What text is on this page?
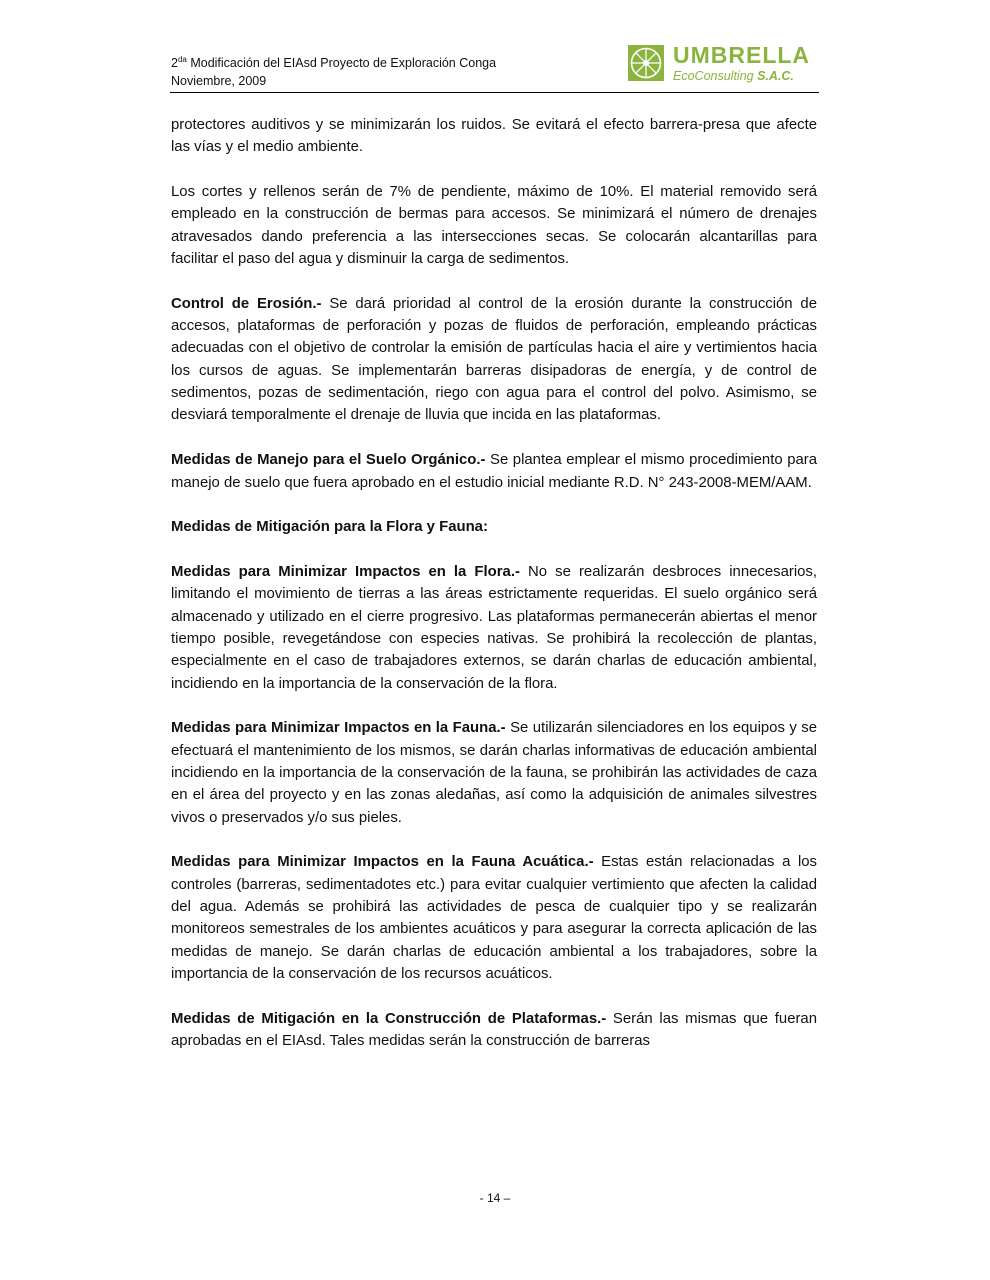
$2^{da}$ Modificación del EIAsd Proyecto de Exploración Conga
Noviembre, 2009
UMBRELLA
EcoConsulting S.A.C.

protectores auditivos y se minimizarán los ruidos. Se evitará el efecto barrera-presa que afecte las vías y el medio ambiente.

Los cortes y rellenos serán de 7% de pendiente, máximo de 10%. El material removido será empleado en la construcción de bermas para accesos. Se minimizará el número de drenajes atravesados dando preferencia a las intersecciones secas. Se colocarán alcantarillas para facilitar el paso del agua y disminuir la carga de sedimentos.

Control de Erosión.- Se dará prioridad al control de la erosión durante la construcción de accesos, plataformas de perforación y pozas de fluidos de perforación, empleando prácticas adecuadas con el objetivo de controlar la emisión de partículas hacia el aire y vertimientos hacia los cursos de aguas. Se implementarán barreras disipadoras de energía, y de control de sedimentos, pozas de sedimentación, riego con agua para el control del polvo. Asimismo, se desviará temporalmente el drenaje de lluvia que incida en las plataformas.

Medidas de Manejo para el Suelo Orgánico.- Se plantea emplear el mismo procedimiento para manejo de suelo que fuera aprobado en el estudio inicial mediante R.D. N° 243-2008-MEM/AAM.

Medidas de Mitigación para la Flora y Fauna:

Medidas para Minimizar Impactos en la Flora.- No se realizarán desbroces innecesarios, limitando el movimiento de tierras a las áreas estrictamente requeridas. El suelo orgánico será almacenado y utilizado en el cierre progresivo. Las plataformas permanecerán abiertas el menor tiempo posible, revegetándose con especies nativas. Se prohibirá la recolección de plantas, especialmente en el caso de trabajadores externos, se darán charlas de educación ambiental, incidiendo en la importancia de la conservación de la flora.

Medidas para Minimizar Impactos en la Fauna.- Se utilizarán silenciadores en los equipos y se efectuará el mantenimiento de los mismos, se darán charlas informativas de educación ambiental incidiendo en la importancia de la conservación de la fauna, se prohibirán las actividades de caza en el área del proyecto y en las zonas aledañas, así como la adquisición de animales silvestres vivos o preservados y/o sus pieles.

Medidas para Minimizar Impactos en la Fauna Acuática.- Estas están relacionadas a los controles (barreras, sedimentadotes etc.) para evitar cualquier vertimiento que afecten la calidad del agua. Además se prohibirá las actividades de pesca de cualquier tipo y se realizarán monitoreos semestrales de los ambientes acuáticos y para asegurar la correcta aplicación de las medidas de manejo. Se darán charlas de educación ambiental a los trabajadores, sobre la importancia de la conservación de los recursos acuáticos.

Medidas de Mitigación en la Construcción de Plataformas.- Serán las mismas que fueran aprobadas en el EIAsd. Tales medidas serán la construcción de barreras

- 14 –
